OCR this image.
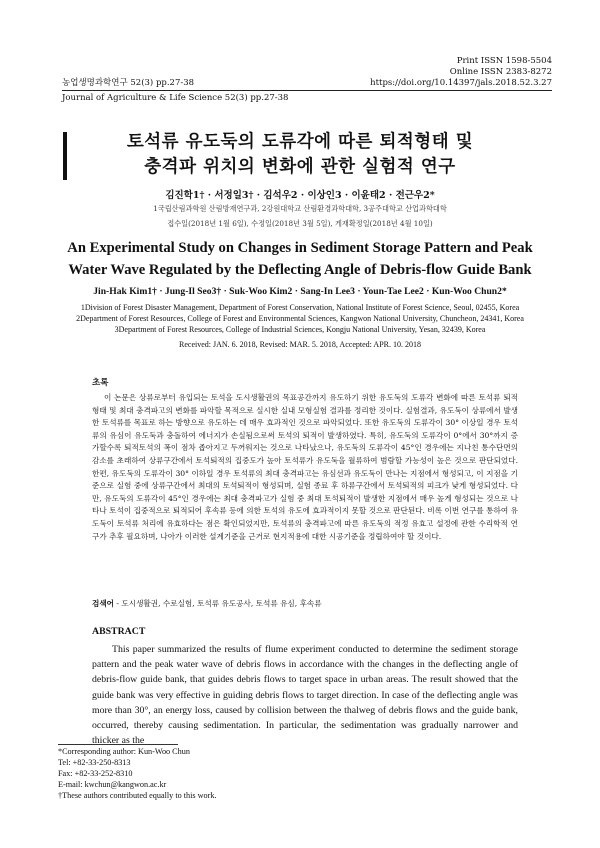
Print ISSN 1598-5504
Online ISSN 2383-8272
https://doi.org/10.14397/jals.2018.52.3.27
농업생명과학연구 52(3) pp.27-38
Journal of Agriculture & Life Science 52(3) pp.27-38
토석류 유도둑의 도류각에 따른 퇴적형태 및
충격파 위치의 변화에 관한 실험적 연구
김진학1† · 서정일3† · 김석우2 · 이상인3 · 이윤태2 · 전근우2*
1국립산림과학원 산림방재연구과, 2강원대학교 산림환경과학대학, 3공주대학교 산업과학대학
접수일(2018년 1월 6일), 수정일(2018년 3월 5일), 게재확정일(2018년 4월 10일)
An Experimental Study on Changes in Sediment Storage Pattern and Peak
Water Wave Regulated by the Deflecting Angle of Debris-flow Guide Bank
Jin-Hak Kim1† · Jung-Il Seo3† · Suk-Woo Kim2 · Sang-In Lee3 · Youn-Tae Lee2 · Kun-Woo Chun2*
1Division of Forest Disaster Management, Department of Forest Conservation, National Institute of Forest Science, Seoul, 02455, Korea
2Department of Forest Resources, College of Forest and Environmental Sciences, Kangwon National University, Chuncheon, 24341, Korea
3Department of Forest Resources, College of Industrial Sciences, Kongju National University, Yesan, 32439, Korea
Received: JAN. 6. 2018, Revised: MAR. 5. 2018, Accepted: APR. 10. 2018
초록

이 논문은 상류로부터 유입되는 토석을 도시생활권의 목표공간까지 유도하기 위한 유도둑의 도류각 변화에 따른 토석류 퇴적형태 및 최대 충격파고의 변화를 파악할 목적으로 실시한 실내 모형실험 결과를 정리한 것이다. 실험결과, 유도둑이 상류에서 발생한 토석류를 목표로 하는 방향으로 유도하는 데 매우 효과적인 것으로 파악되었다. 또한 유도둑의 도류각이 30° 이상일 경우 토석류의 유심이 유도둑과 충돌하여 에너지가 손실됨으로써 토석의 퇴적이 발생하였다. 특히, 유도둑의 도류각이 0°에서 30°까지 증가할수록 퇴적토석의 폭이 점차 좁아지고 두꺼워지는 것으로 나타났으나, 유도둑의 도류각이 45°인 경우에는 지나친 통수단면의 감소를 초래하여 상류구간에서 토석퇴적의 집중도가 높아 토석류가 유도둑을 월류하여 범람할 가능성이 높은 것으로 판단되었다. 한편, 유도둑의 도류각이 30° 이하일 경우 토석류의 최대 충격파고는 유심선과 유도둑이 만나는 지점에서 형성되고, 이 지점을 기준으로 실험 중에 상류구간에서 최대의 토석퇴적이 형성되며, 실험 종료 후 하류구간에서 토석퇴적의 피크가 낮게 형성되었다. 다만, 유도둑의 도류각이 45°인 경우에는 최대 충격파고가 실험 중 최대 토석퇴적이 발생한 지점에서 매우 높게 형성되는 것으로 나타나 토석이 집중적으로 퇴적되어 후속류 등에 의한 토석의 유도에 효과적이지 못할 것으로 판단된다. 비록 이번 연구를 통하여 유도둑이 토석류 처리에 유효하다는 점은 확인되었지만, 토석류의 충격파고에 따른 유도둑의 적정 유효고 설정에 관한 수리학적 연구가 추후 필요하며, 나아가 이러한 설계기준을 근거로 현지적용에 대한 시공기준을 정립하여야 할 것이다.

검색어 - 도시생활권, 수로실험, 토석류 유도공사, 토석류 유심, 후속류
ABSTRACT

This paper summarized the results of flume experiment conducted to determine the sediment storage pattern and the peak water wave of debris flows in accordance with the changes in the deflecting angle of debris-flow guide bank, that guides debris flows to target space in urban areas. The result showed that the guide bank was very effective in guiding debris flows to target direction. In case of the deflecting angle was more than 30°, an energy loss, caused by collision between the thalweg of debris flows and the guide bank, occurred, thereby causing sedimentation. In particular, the sedimentation was gradually narrower and thicker as the

*Corresponding author: Kun-Woo Chun
Tel: +82-33-250-8313
Fax: +82-33-252-8310
E-mail: kwchun@kangwon.ac.kr
†These authors contributed equally to this work.
